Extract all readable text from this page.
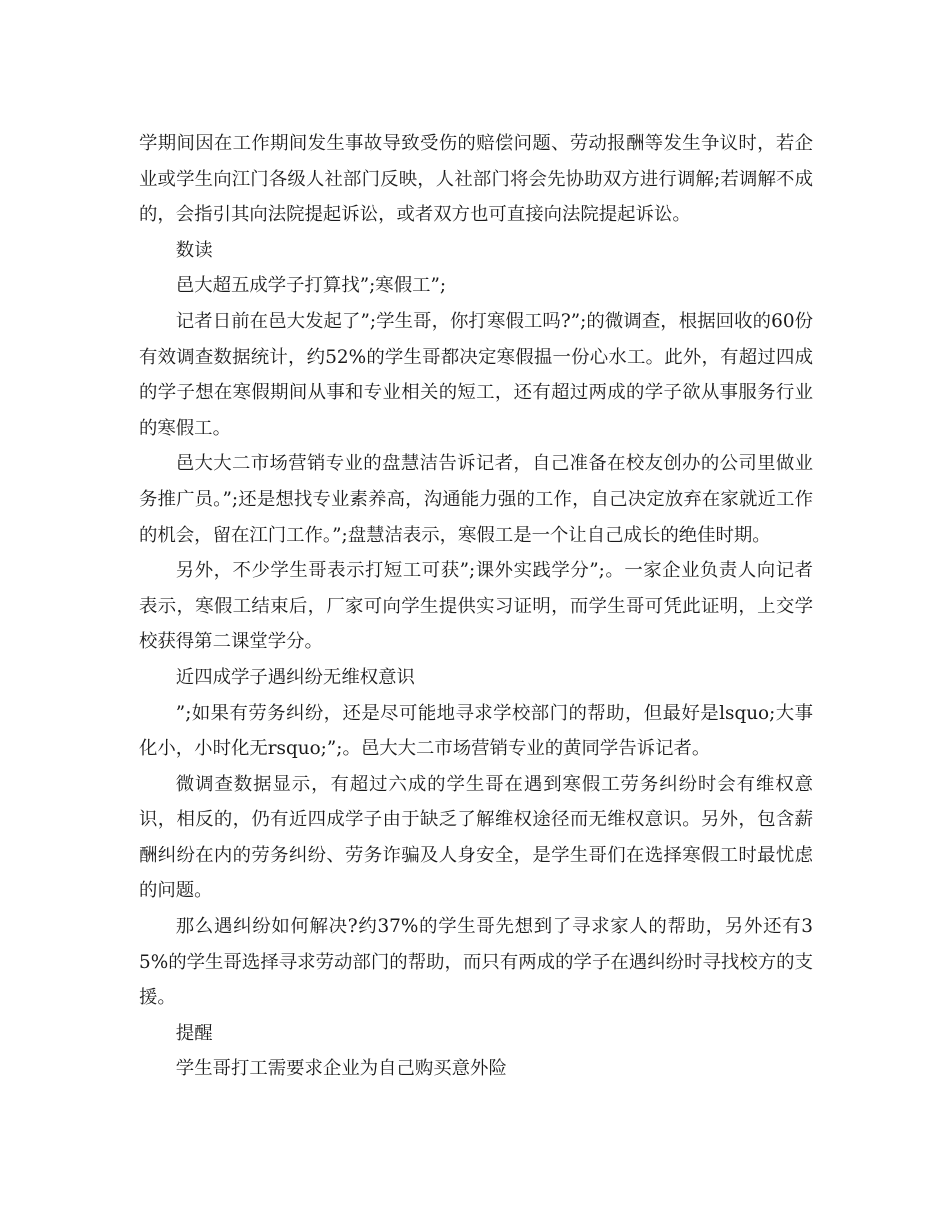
学期间因在工作期间发生事故导致受伤的赔偿问题、劳动报酬等发生争议时，若企业或学生向江门各级人社部门反映，人社部门将会先协助双方进行调解;若调解不成的，会指引其向法院提起诉讼，或者双方也可直接向法院提起诉讼。

数读

邑大超五成学子打算找”;寒假工”;

记者日前在邑大发起了”;学生哥，你打寒假工吗?”;的微调查，根据回收的60份有效调查数据统计，约52%的学生哥都决定寒假揾一份心水工。此外，有超过四成的学子想在寒假期间从事和专业相关的短工，还有超过两成的学子欲从事服务行业的寒假工。

邑大大二市场营销专业的盘慧洁告诉记者，自己准备在校友创办的公司里做业务推广员。”;还是想找专业素养高，沟通能力强的工作，自己决定放弃在家就近工作的机会，留在江门工作。”;盘慧洁表示，寒假工是一个让自己成长的绝佳时期。

另外，不少学生哥表示打短工可获”;课外实践学分”;。一家企业负责人向记者表示，寒假工结束后，厂家可向学生提供实习证明，而学生哥可凭此证明，上交学校获得第二课堂学分。

近四成学子遇纠纷无维权意识

”;如果有劳务纠纷，还是尽可能地寻求学校部门的帮助，但最好是lsquo;大事化小，小时化无rsquo;”;。邑大大二市场营销专业的黄同学告诉记者。

微调查数据显示，有超过六成的学生哥在遇到寒假工劳务纠纷时会有维权意识，相反的，仍有近四成学子由于缺乏了解维权途径而无维权意识。另外，包含薪酬纠纷在内的劳务纠纷、劳务诈骗及人身安全，是学生哥们在选择寒假工时最忧虑的问题。

那么遇纠纷如何解决?约37%的学生哥先想到了寻求家人的帮助，另外还有35%的学生哥选择寻求劳动部门的帮助，而只有两成的学子在遇纠纷时寻找校方的支援。

提醒

学生哥打工需要求企业为自己购买意外险
